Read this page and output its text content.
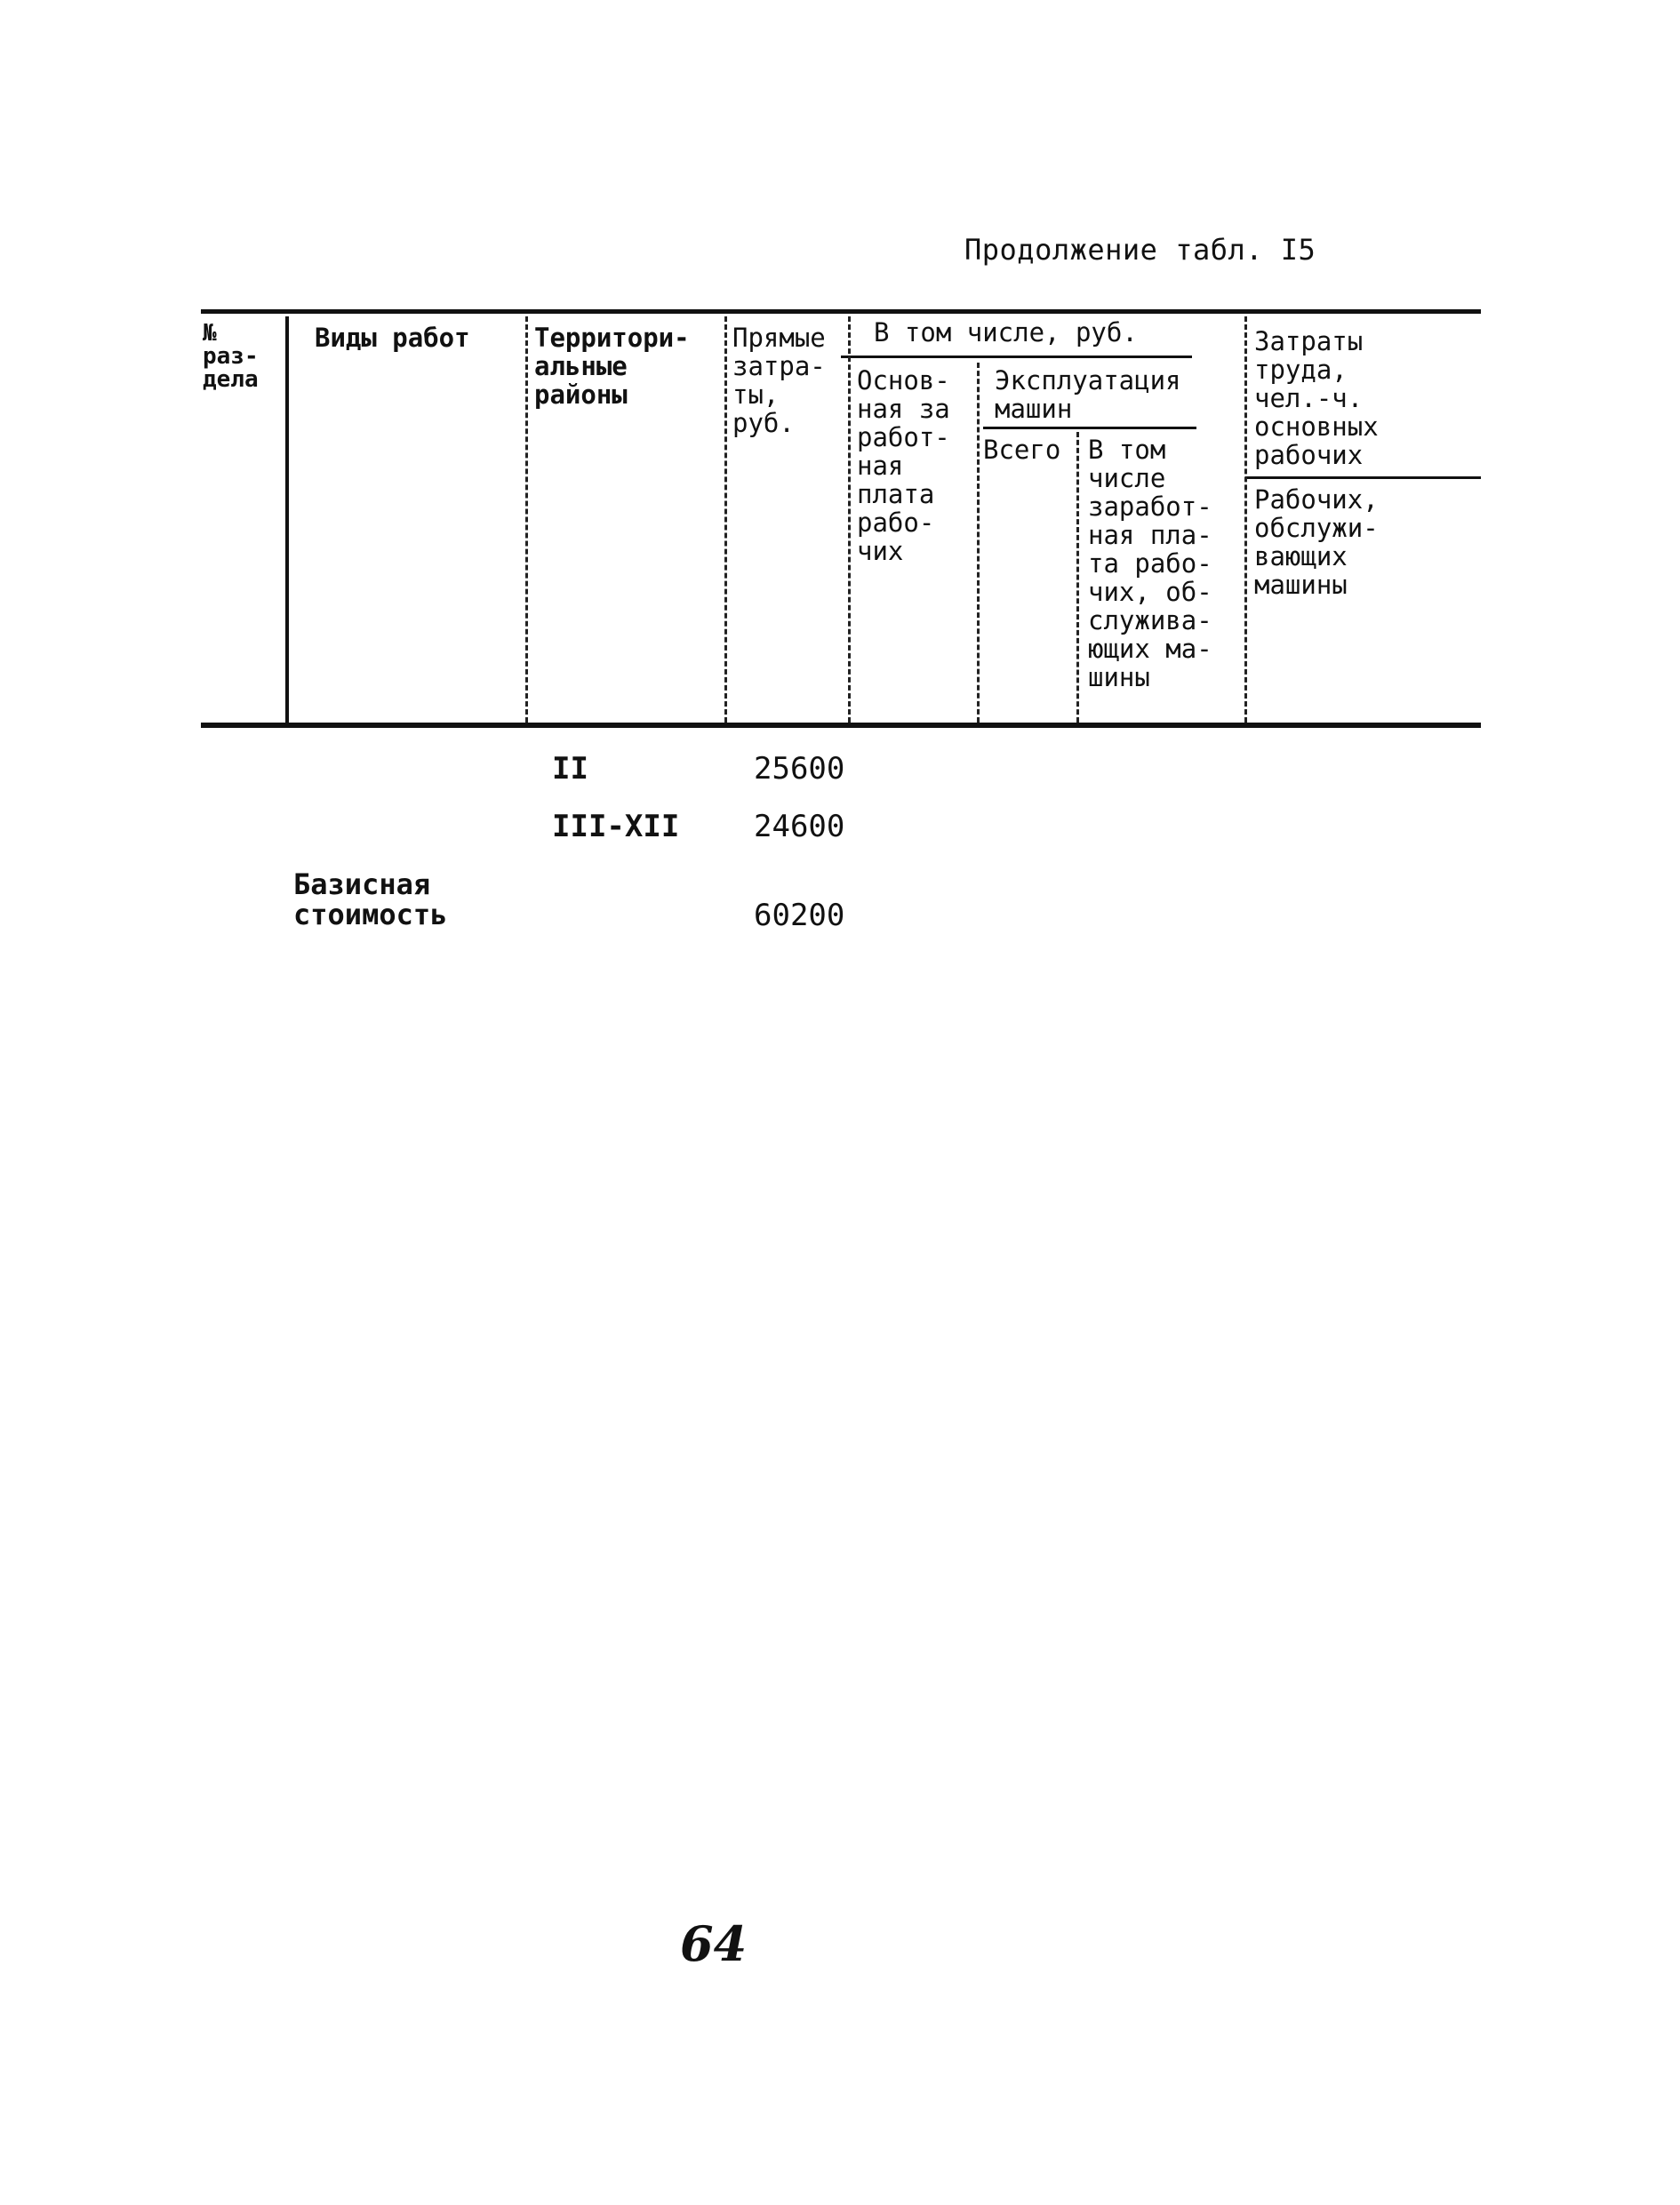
Продолжение табл. I5
№
раз-
дела
Виды работ Территори-
альные
районы
Прямые
затра-
ты,
руб.
В том числе, руб.
Основ-
ная за
работ-
ная
плата
рабо-
чих
Эксплуатация
машин
Всего В том
числе
заработ-
ная пла-
та рабо-
чих, об-
служива-
ющих ма-
шины
Затраты
труда,
чел.-ч.
основных
рабочих
Рабочих,
обслужи-
вающих
машины
II	25600
III-XII 24600
Базисная
стоимость	60200
64
